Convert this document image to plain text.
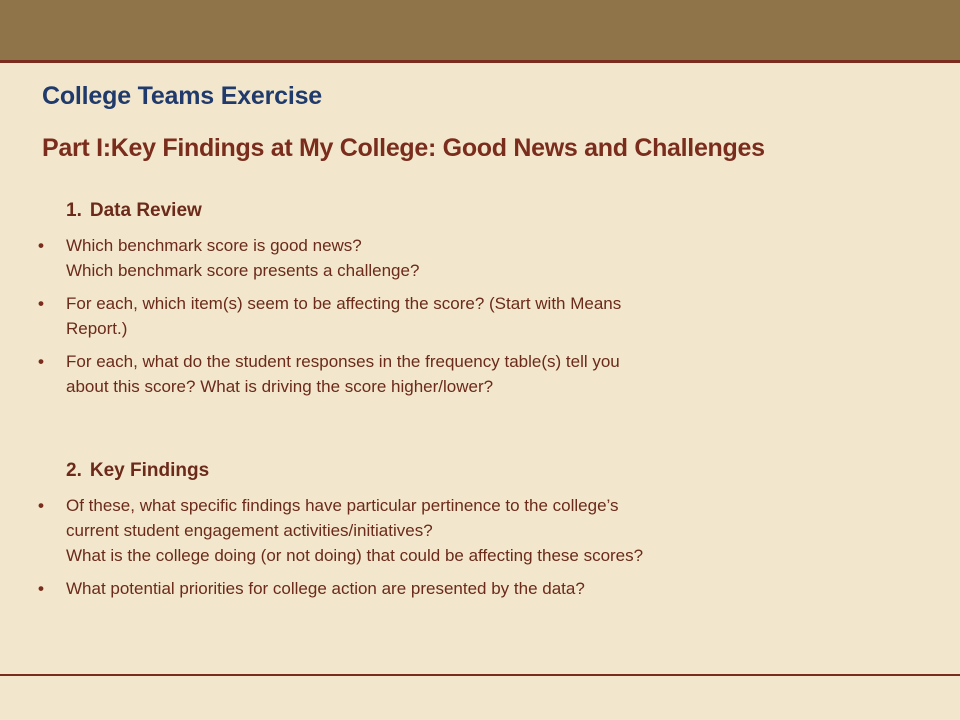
College Teams Exercise
Part I:Key Findings at My College: Good News and Challenges
1. Data Review
• Which benchmark score is good news?
Which benchmark score presents a challenge?
• For each, which item(s) seem to be affecting the score? (Start with Means
Report.)
• For each, what do the student responses in the frequency table(s) tell you
about this score? What is driving the score higher/lower?
2. Key Findings
• Of these, what specific findings have particular pertinence to the college’s
current student engagement activities/initiatives?
What is the college doing (or not doing) that could be affecting these scores?
• What potential priorities for college action are presented by the data?
